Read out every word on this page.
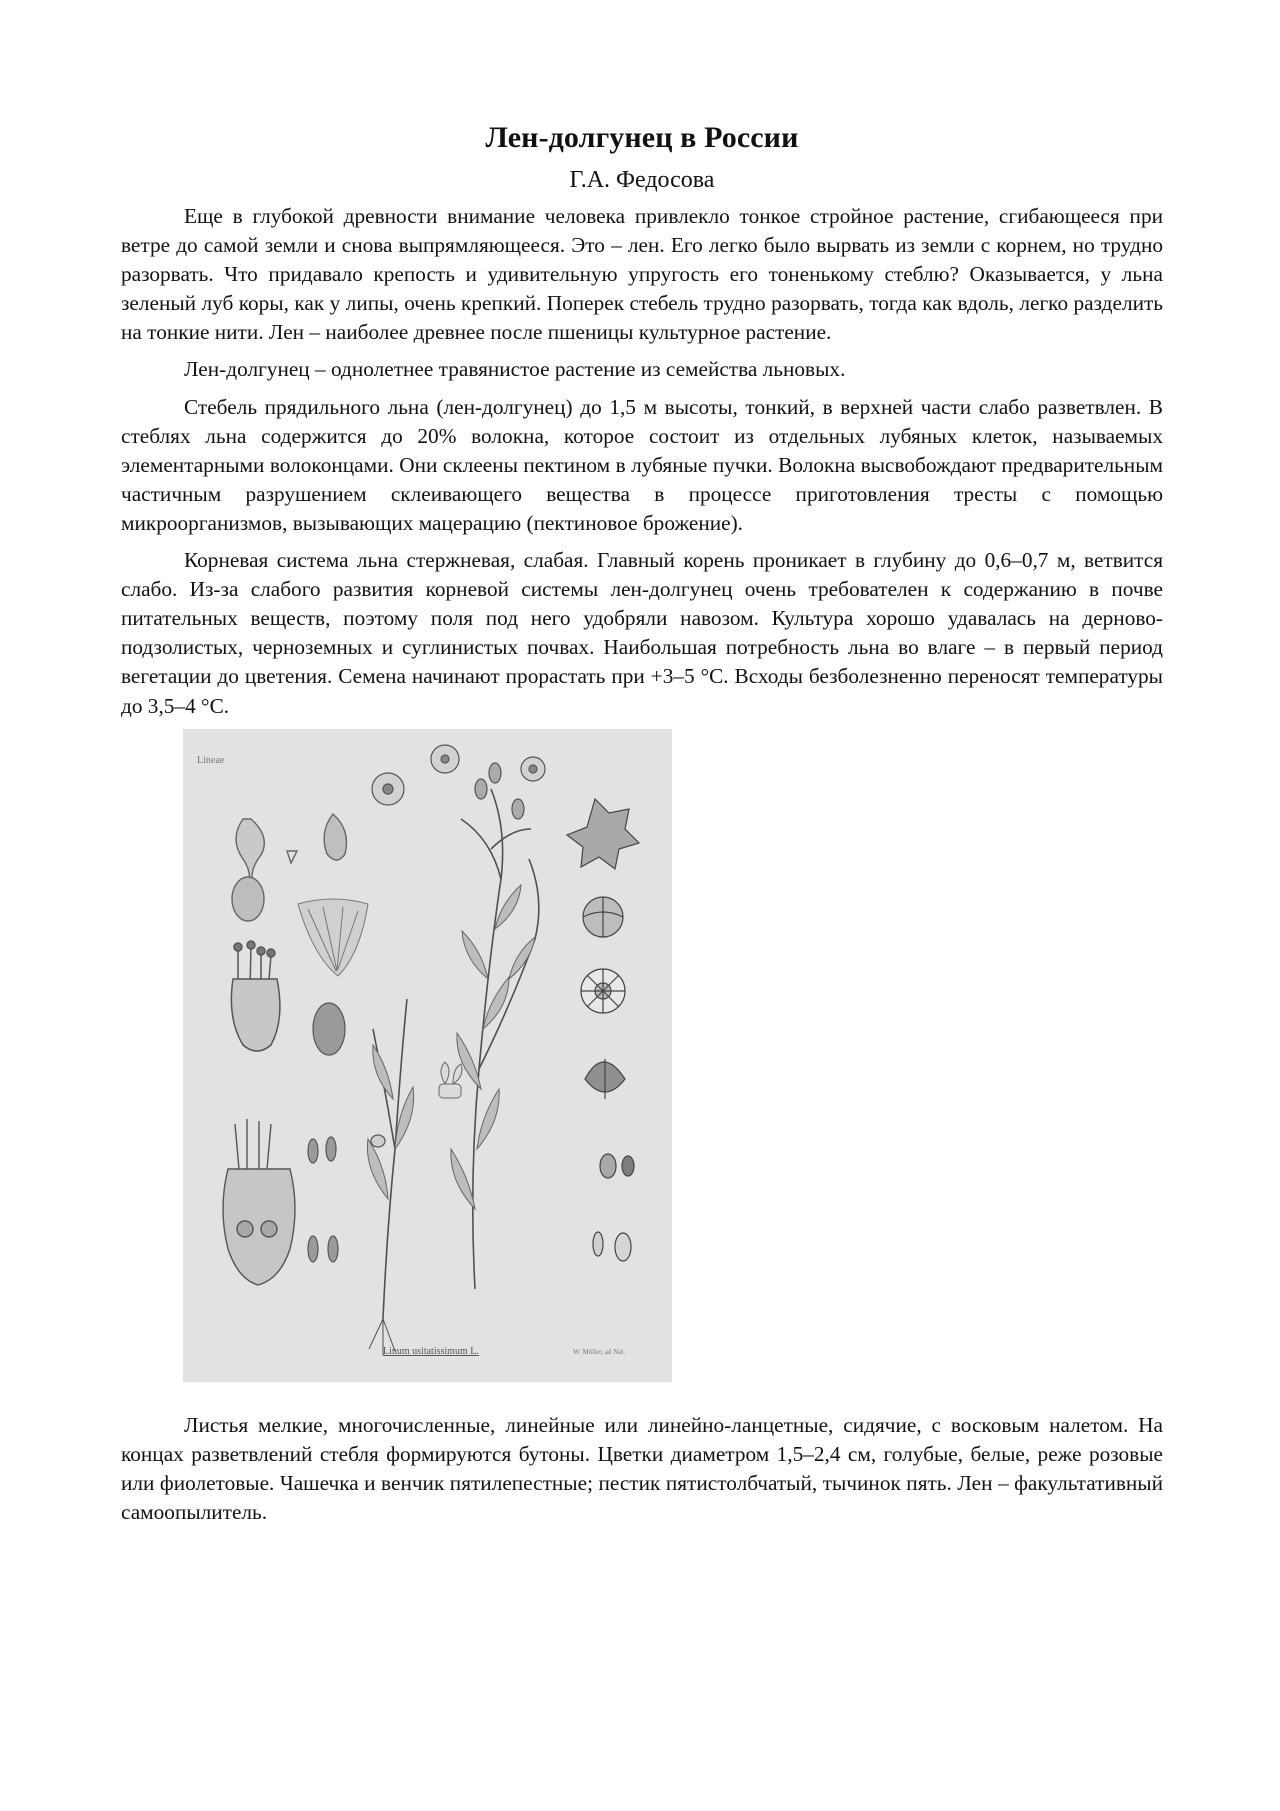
Лен-долгунец в России
Г.А. Федосова

Еще в глубокой древности внимание человека привлекло тонкое стройное растение, сгибающееся при ветре до самой земли и снова выпрямляющееся. Это – лен. Его легко было вырвать из земли с корнем, но трудно разорвать. Что придавало крепость и удивительную упругость его тоненькому стеблю? Оказывается, у льна зеленый луб коры, как у липы, очень крепкий. Поперек стебель трудно разорвать, тогда как вдоль, легко разделить на тонкие нити. Лен – наиболее древнее после пшеницы культурное растение.

Лен-долгунец – однолетнее травянистое растение из семейства льновых.

Стебель прядильного льна (лен-долгунец) до 1,5 м высоты, тонкий, в верхней части слабо разветвлен. В стеблях льна содержится до 20% волокна, которое состоит из отдельных лубяных клеток, называемых элементарными волоконцами. Они склеены пектином в лубяные пучки. Волокна высвобождают предварительным частичным разрушением склеивающего вещества в процессе приготовления тресты с помощью микроорганизмов, вызывающих мацерацию (пектиновое брожение).

Корневая система льна стержневая, слабая. Главный корень проникает в глубину до 0,6–0,7 м, ветвится слабо. Из-за слабого развития корневой системы лен-долгунец очень требователен к содержанию в почве питательных веществ, поэтому поля под него удобряли навозом. Культура хорошо удавалась на дерново-подзолистых, черноземных и суглинистых почвах. Наибольшая потребность льна во влаге – в первый период вегетации до цветения. Семена начинают прорастать при +3–5 °С. Всходы безболезненно переносят температуры до 3,5–4 °С.

Lineae
Linum usitatissimum L.	W. Müller, ad Nat.

Листья мелкие, многочисленные, линейные или линейно-ланцетные, сидячие, с восковым налетом. На концах разветвлений стебля формируются бутоны. Цветки диаметром 1,5–2,4 см, голубые, белые, реже розовые или фиолетовые. Чашечка и венчик пятилепестные; пестик пятистолбчатый, тычинок пять. Лен – факультативный самоопылитель.
